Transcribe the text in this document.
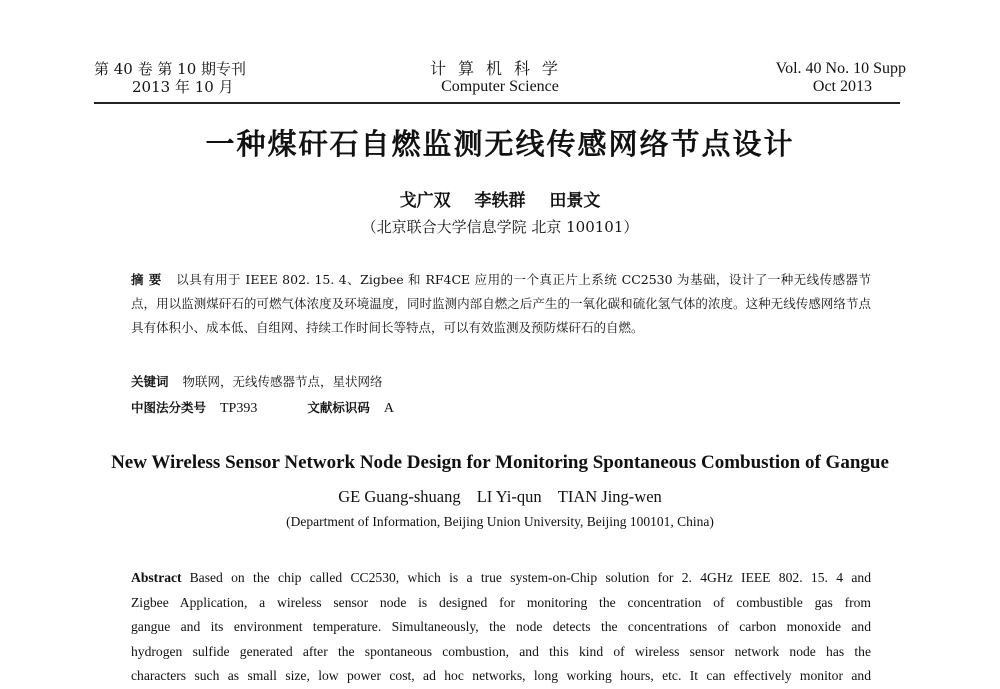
第 40 卷 第 10 期专刊
2013 年 10 月
计算机科学
Computer Science
Vol. 40 No. 10 Supp
Oct 2013
一种煤矸石自燃监测无线传感网络节点设计
戈广双 李轶群 田景文
（北京联合大学信息学院 北京 100101）
摘 要 以具有用于 IEEE 802. 15. 4、Zigbee 和 RF4CE 应用的一个真正片上系统 CC2530 为基础，设计了一种无线传感器节点，用以监测煤矸石的可燃气体浓度及环境温度，同时监测内部自燃之后产生的一氧化碳和硫化氢气体的浓度。这种无线传感网络节点具有体积小、成本低、自组网、持续工作时间长等特点，可以有效监测及预防煤矸石的自燃。
关键词 物联网，无线传感器节点，星状网络
中图法分类号 TP393	文献标识码 A
New Wireless Sensor Network Node Design for Monitoring Spontaneous Combustion of Gangue
GE Guang-shuang LI Yi-qun TIAN Jing-wen
(Department of Information, Beijing Union University, Beijing 100101, China)
Abstract Based on the chip called CC2530, which is a true system-on-Chip solution for 2. 4GHz IEEE 802. 15. 4 and
Zigbee Application, a wireless sensor node is designed for monitoring the concentration of combustible gas from
gangue and its environment temperature. Simultaneously, the node detects the concentrations of carbon monoxide and
hydrogen sulfide generated after the spontaneous combustion, and this kind of wireless sensor network node has the
characters such as small size, low power cost, ad hoc networks, long working hours, etc. It can effectively monitor and
